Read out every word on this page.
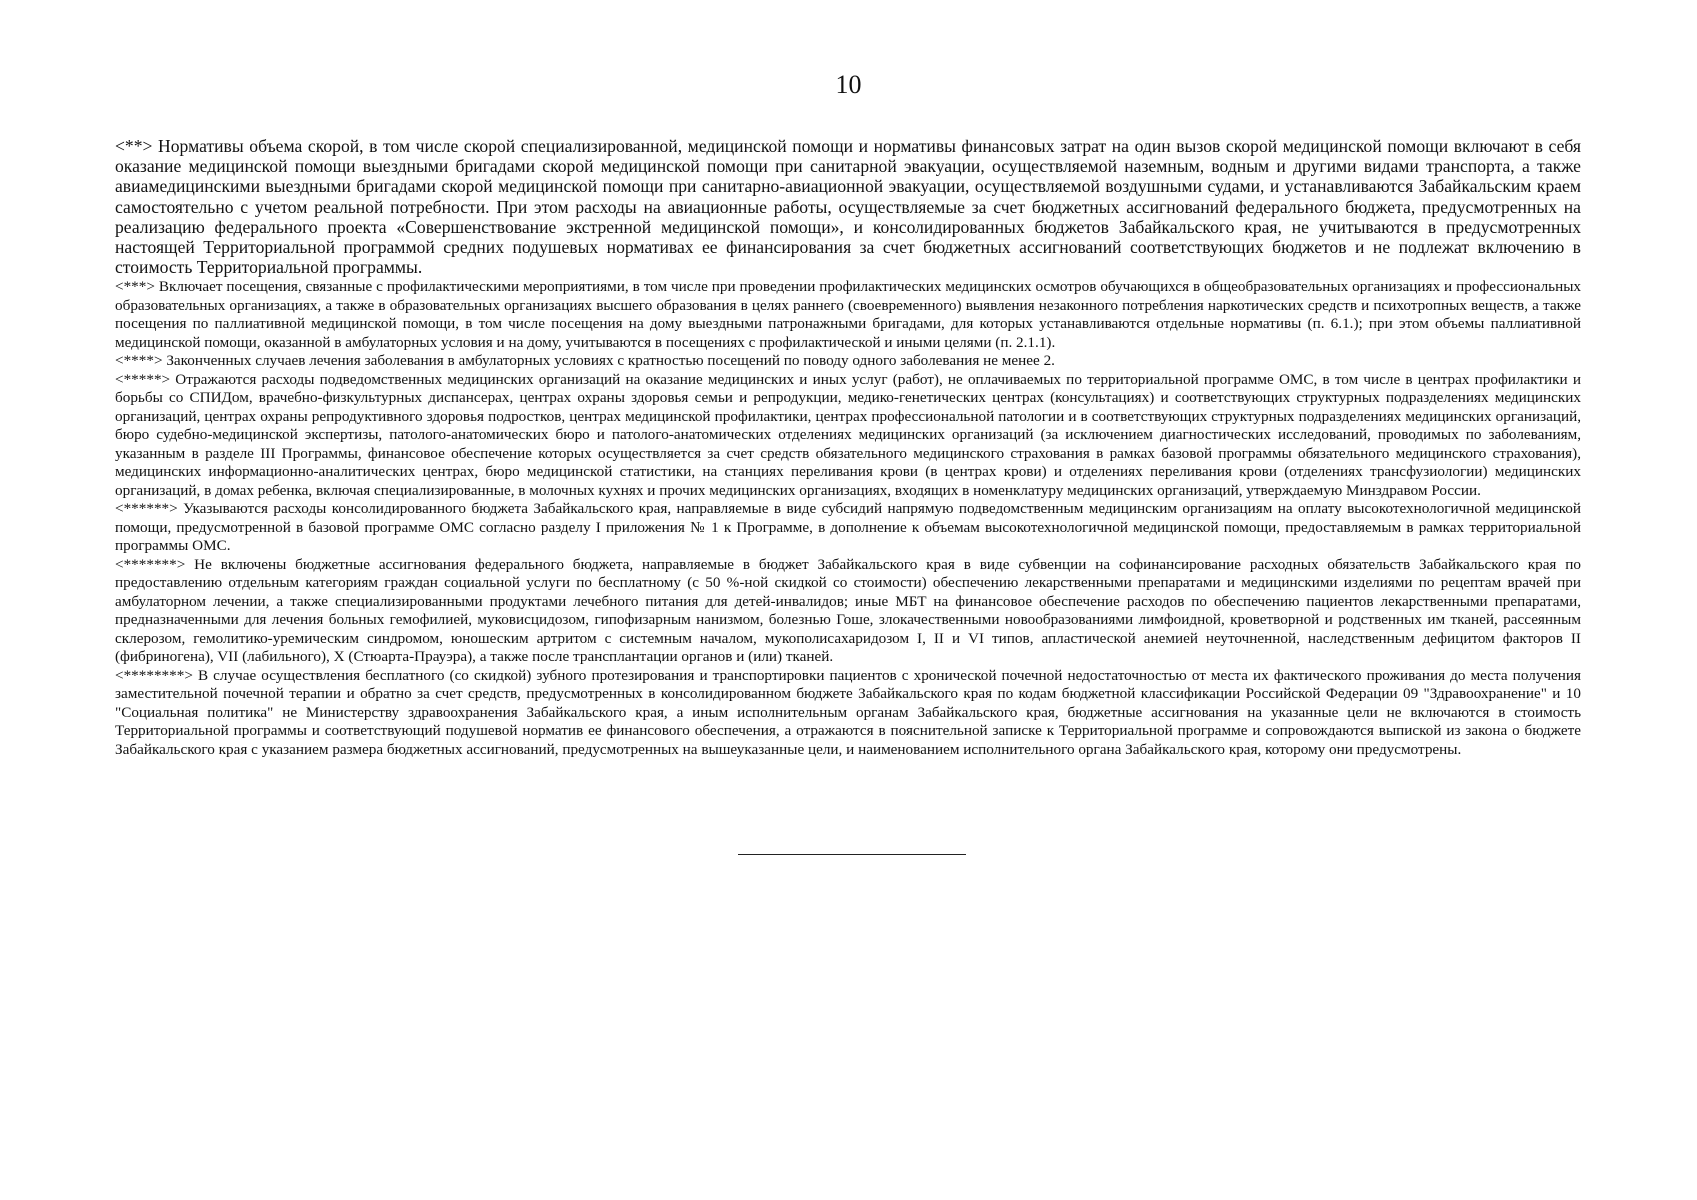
10

<**> Нормативы объема скорой, в том числе скорой специализированной, медицинской помощи и нормативы финансовых затрат на один вызов скорой медицинской помощи включают в себя оказание медицинской помощи выездными бригадами скорой медицинской помощи при санитарной эвакуации, осуществляемой наземным, водным и другими видами транспорта, а также авиамедицинскими выездными бригадами скорой медицинской помощи при санитарно-авиационной эвакуации, осуществляемой воздушными судами, и устанавливаются Забайкальским краем самостоятельно с учетом реальной потребности. При этом расходы на авиационные работы, осуществляемые за счет бюджетных ассигнований федерального бюджета, предусмотренных на реализацию федерального проекта «Совершенствование экстренной медицинской помощи», и консолидированных бюджетов Забайкальского края, не учитываются в предусмотренных настоящей Территориальной программой средних подушевых нормативах ее финансирования за счет бюджетных ассигнований соответствующих бюджетов и не подлежат включению в стоимость Территориальной программы.

<***> Включает посещения, связанные с профилактическими мероприятиями, в том числе при проведении профилактических медицинских осмотров обучающихся в общеобразовательных организациях и профессиональных образовательных организациях, а также в образовательных организациях высшего образования в целях раннего (своевременного) выявления незаконного потребления наркотических средств и психотропных веществ, а также посещения по паллиативной медицинской помощи, в том числе посещения на дому выездными патронажными бригадами, для которых устанавливаются отдельные нормативы (п. 6.1.); при этом объемы паллиативной медицинской помощи, оказанной в амбулаторных условия и на дому, учитываются в посещениях с профилактической и иными целями (п. 2.1.1).

<****> Законченных случаев лечения заболевания в амбулаторных условиях с кратностью посещений по поводу одного заболевания не менее 2.

<*****> Отражаются расходы подведомственных медицинских организаций на оказание медицинских и иных услуг (работ), не оплачиваемых по территориальной программе ОМС, в том числе в центрах профилактики и борьбы со СПИДом, врачебно-физкультурных диспансерах, центрах охраны здоровья семьи и репродукции, медико-генетических центрах (консультациях) и соответствующих структурных подразделениях медицинских организаций, центрах охраны репродуктивного здоровья подростков, центрах медицинской профилактики, центрах профессиональной патологии и в соответствующих структурных подразделениях медицинских организаций, бюро судебно-медицинской экспертизы, патолого-анатомических бюро и патолого-анатомических отделениях медицинских организаций (за исключением диагностических исследований, проводимых по заболеваниям, указанным в разделе III Программы, финансовое обеспечение которых осуществляется за счет средств обязательного медицинского страхования в рамках базовой программы обязательного медицинского страхования), медицинских информационно-аналитических центрах, бюро медицинской статистики, на станциях переливания крови (в центрах крови) и отделениях переливания крови (отделениях трансфузиологии) медицинских организаций, в домах ребенка, включая специализированные, в молочных кухнях и прочих медицинских организациях, входящих в номенклатуру медицинских организаций, утверждаемую Минздравом России.

<******> Указываются расходы консолидированного бюджета Забайкальского края, направляемые в виде субсидий напрямую подведомственным медицинским организациям на оплату высокотехнологичной медицинской помощи, предусмотренной в базовой программе ОМС согласно разделу I приложения № 1 к Программе, в дополнение к объемам высокотехнологичной медицинской помощи, предоставляемым в рамках территориальной программы ОМС.

<*******> Не включены бюджетные ассигнования федерального бюджета, направляемые в бюджет Забайкальского края в виде субвенции на софинансирование расходных обязательств Забайкальского края по предоставлению отдельным категориям граждан социальной услуги по бесплатному (с 50 %-ной скидкой со стоимости) обеспечению лекарственными препаратами и медицинскими изделиями по рецептам врачей при амбулаторном лечении, а также специализированными продуктами лечебного питания для детей-инвалидов; иные МБТ на финансовое обеспечение расходов по обеспечению пациентов лекарственными препаратами, предназначенными для лечения больных гемофилией, муковисцидозом, гипофизарным нанизмом, болезнью Гоше, злокачественными новообразованиями лимфоидной, кроветворной и родственных им тканей, рассеянным склерозом, гемолитико-уремическим синдромом, юношеским артритом с системным началом, мукополисахаридозом I, II и VI типов, апластической анемией неуточненной, наследственным дефицитом факторов II (фибриногена), VII (лабильного), X (Стюарта-Прауэра), а также после трансплантации органов и (или) тканей.

<********> В случае осуществления бесплатного (со скидкой) зубного протезирования и транспортировки пациентов с хронической почечной недостаточностью от места их фактического проживания до места получения заместительной почечной терапии и обратно за счет средств, предусмотренных в консолидированном бюджете Забайкальского края по кодам бюджетной классификации Российской Федерации 09 "Здравоохранение" и 10 "Социальная политика" не Министерству здравоохранения Забайкальского края, а иным исполнительным органам Забайкальского края, бюджетные ассигнования на указанные цели не включаются в стоимость Территориальной программы и соответствующий подушевой норматив ее финансового обеспечения, а отражаются в пояснительной записке к Территориальной программе и сопровождаются выпиской из закона о бюджете Забайкальского края с указанием размера бюджетных ассигнований, предусмотренных на вышеуказанные цели, и наименованием исполнительного органа Забайкальского края, которому они предусмотрены.
